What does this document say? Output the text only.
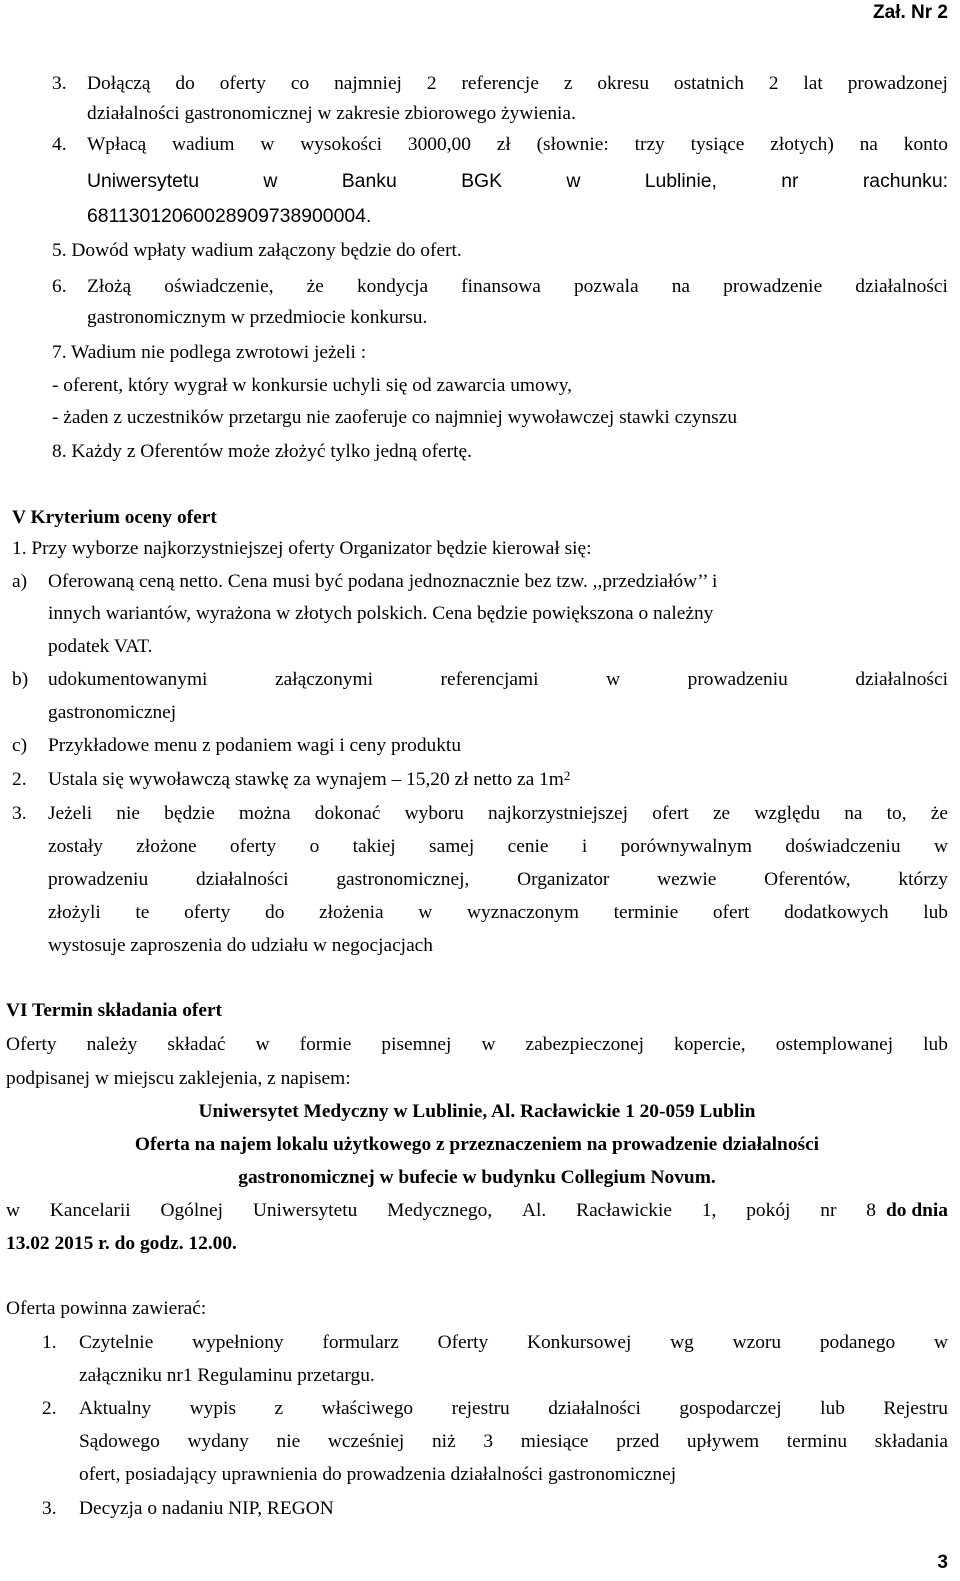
Zał. Nr 2
3. Dołączą do oferty co najmniej 2 referencje z okresu ostatnich 2 lat prowadzonej
działalności gastronomicznej w zakresie zbiorowego żywienia.
4. Wpłacą wadium w wysokości 3000,00 zł (słownie: trzy tysiące złotych) na konto
Uniwersytetu	w	Banku	BGK	w	Lublinie,	nr	rachunku:
68113012060028909738900004.
5. Dowód wpłaty wadium załączony będzie do ofert.
6. Złożą oświadczenie, że kondycja finansowa pozwala na prowadzenie działalności
gastronomicznym w przedmiocie konkursu.
7. Wadium nie podlega zwrotowi jeżeli :
- oferent, który wygrał w konkursie uchyli się od zawarcia umowy,
- żaden z uczestników przetargu nie zaoferuje co najmniej wywoławczej stawki czynszu
8. Każdy z Oferentów może złożyć tylko jedną ofertę.
V Kryterium oceny ofert
1. Przy wyborze najkorzystniejszej oferty Organizator będzie kierował się:
a) Oferowaną ceną netto. Cena musi być podana jednoznacznie bez tzw. ,,przedziałów’’ i
innych wariantów, wyrażona w złotych polskich. Cena będzie powiększona o należny
podatek VAT.
b) udokumentowanymi	załączonymi	referencjami	w	prowadzeniu	działalności
gastronomicznej
c) Przykładowe menu z podaniem wagi i ceny produktu
2. Ustala się wywoławczą stawkę za wynajem – 15,20 zł netto za $1m^2$
3. Jeżeli nie będzie można dokonać wyboru najkorzystniejszej ofert ze względu na to, że
zostały złożone oferty o takiej samej cenie i porównywalnym doświadczeniu w
prowadzeniu działalności gastronomicznej, Organizator wezwie Oferentów, którzy
złożyli te oferty do złożenia w wyznaczonym terminie ofert dodatkowych lub
wystosuje zaproszenia do udziału w negocjacjach
VI Termin składania ofert
Oferty należy składać w formie pisemnej w zabezpieczonej kopercie, ostemplowanej lub
podpisanej w miejscu zaklejenia, z napisem:
Uniwersytet Medyczny w Lublinie, Al. Racławickie 1 20-059 Lublin
Oferta na najem lokalu użytkowego z przeznaczeniem na prowadzenie działalności
gastronomicznej w bufecie w budynku Collegium Novum.
w Kancelarii Ogólnej Uniwersytetu Medycznego, Al. Racławickie 1, pokój nr 8 do dnia
13.02 2015 r. do godz. 12.00.
Oferta powinna zawierać:
1. Czytelnie wypełniony formularz Oferty Konkursowej wg wzoru podanego w
załączniku nr1 Regulaminu przetargu.
2. Aktualny wypis z właściwego rejestru działalności gospodarczej lub Rejestru
Sądowego wydany nie wcześniej niż 3 miesiące przed upływem terminu składania
ofert, posiadający uprawnienia do prowadzenia działalności gastronomicznej
3. Decyzja o nadaniu NIP, REGON
3
